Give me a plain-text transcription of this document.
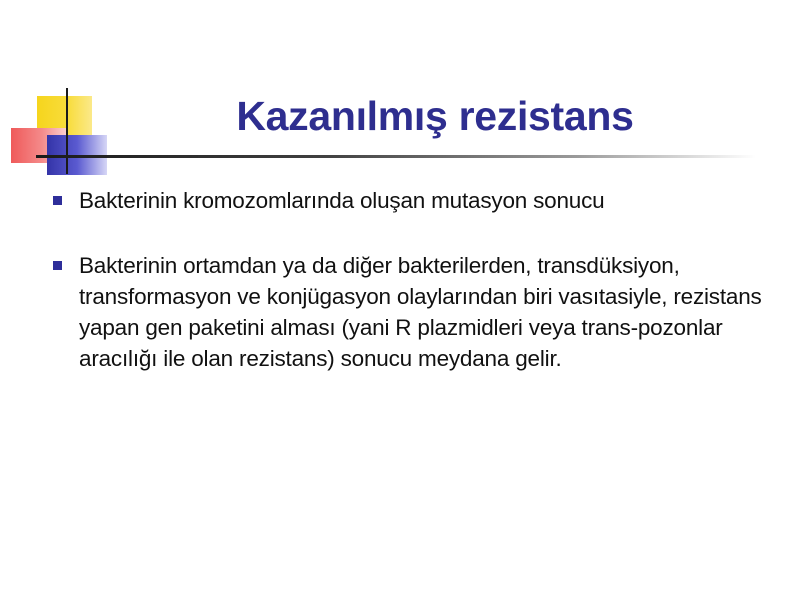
Kazanılmış rezistans
Bakterinin kromozomlarında oluşan mutasyon sonucu
Bakterinin ortamdan ya da diğer bakterilerden, transdüksiyon, transformasyon ve konjügasyon olaylarından biri vasıtasiyle, rezistans yapan gen paketini alması (yani R plazmidleri veya trans-pozonlar aracılığı ile olan rezistans) sonucu meydana gelir.
